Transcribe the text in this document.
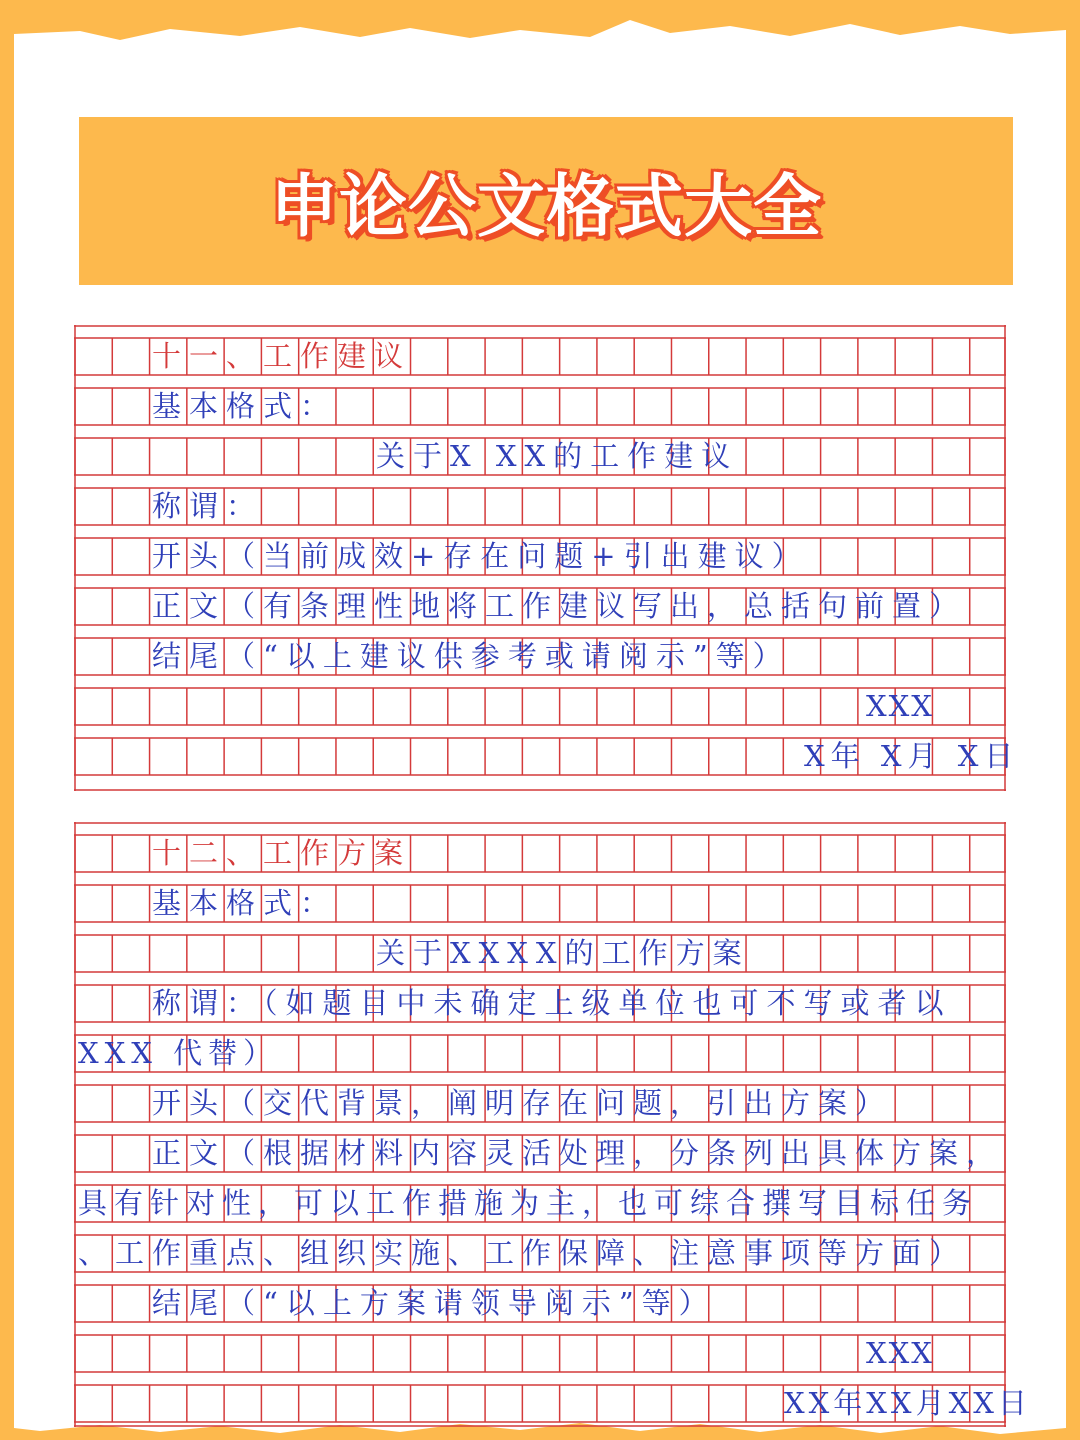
申论公文格式大全
十一、工作建议
基本格式：
关于X XX的工作建议
称谓：
开头（当前成效+存在问题+引出建议）
正文（有条理性地将工作建议写出，总括句前置）
结尾（“以上建议供参考或请阅示”等）
XXX
X年 X月 X日
十二、工作方案
基本格式：
关于XXXX的工作方案
称谓：（如题目中未确定上级单位也可不写或者以
XXX 代替）
开头（交代背景，阐明存在问题，引出方案）
正文（根据材料内容灵活处理，分条列出具体方案，
具有针对性，可以工作措施为主，也可综合撰写目标任务
、工作重点、组织实施、工作保障、注意事项等方面）
结尾（“以上方案请领导阅示”等）
XXX
XX年XX月XX日
